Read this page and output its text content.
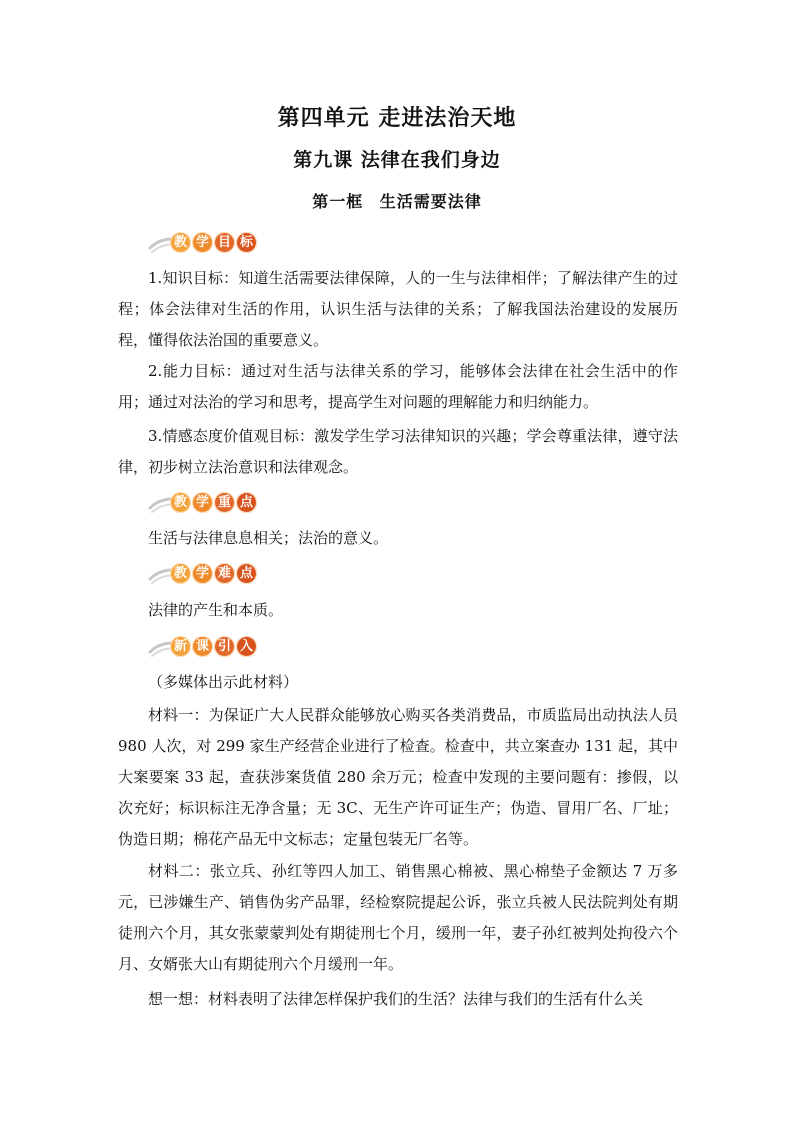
第四单元 走进法治天地
第九课 法律在我们身边
第一框 生活需要法律
教 学 目 标

1.知识目标：知道生活需要法律保障，人的一生与法律相伴；了解法律产生的过程；体会法律对生活的作用，认识生活与法律的关系；了解我国法治建设的发展历程，懂得依法治国的重要意义。

2.能力目标：通过对生活与法律关系的学习，能够体会法律在社会生活中的作用；通过对法治的学习和思考，提高学生对问题的理解能力和归纳能力。

3.情感态度价值观目标：激发学生学习法律知识的兴趣；学会尊重法律，遵守法律，初步树立法治意识和法律观念。

教 学 重 点

生活与法律息息相关；法治的意义。

教 学 难 点

法律的产生和本质。

新 课 引 入

（多媒体出示此材料）

材料一：为保证广大人民群众能够放心购买各类消费品，市质监局出动执法人员 980 人次，对 299 家生产经营企业进行了检查。检查中，共立案查办 131 起，其中大案要案 33 起，查获涉案货值 280 余万元；检查中发现的主要问题有：掺假，以次充好；标识标注无净含量；无 3C、无生产许可证生产；伪造、冒用厂名、厂址；伪造日期；棉花产品无中文标志；定量包装无厂名等。

材料二：张立兵、孙红等四人加工、销售黑心棉被、黑心棉垫子金额达 7 万多元，已涉嫌生产、销售伪劣产品罪，经检察院提起公诉，张立兵被人民法院判处有期徒刑六个月，其女张蒙蒙判处有期徒刑七个月，缓刑一年，妻子孙红被判处拘役六个月、女婿张大山有期徒刑六个月缓刑一年。

想一想：材料表明了法律怎样保护我们的生活？法律与我们的生活有什么关
